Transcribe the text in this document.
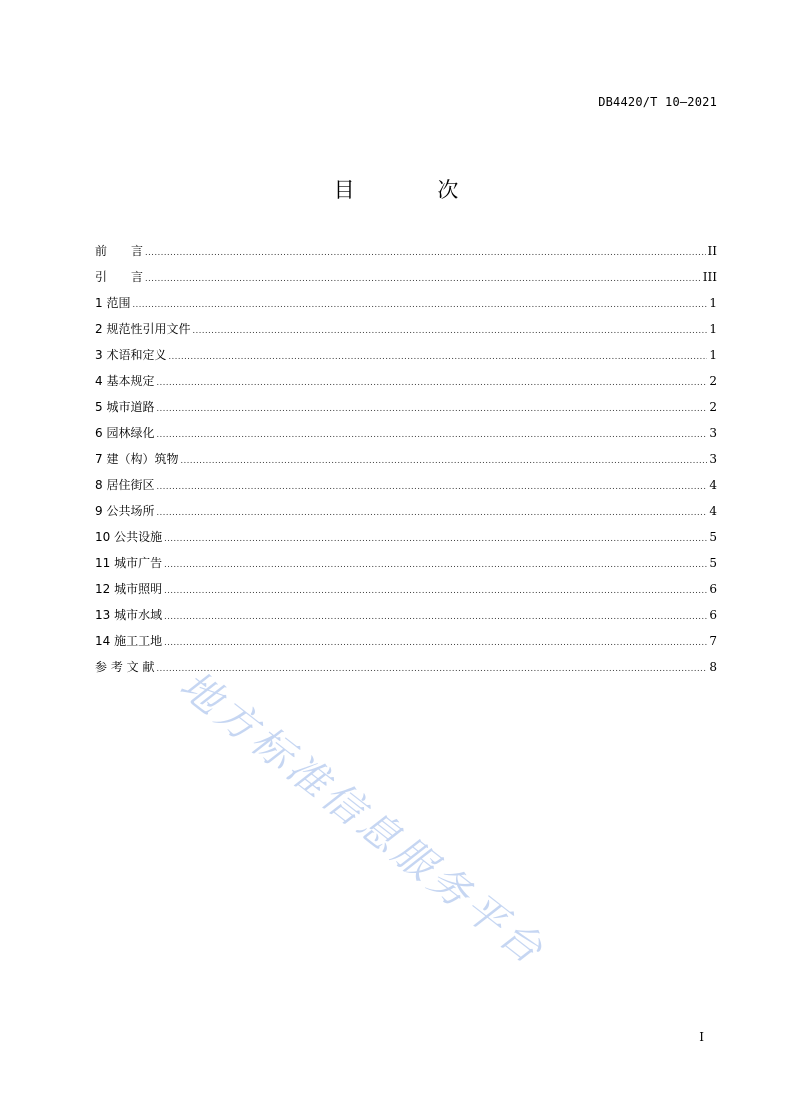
DB4420/T 10—2021
目 次
前　　言 .....	II
引　　言 .....	III
1 范围 .....	1
2 规范性引用文件 .....	1
3 术语和定义 .....	1
4 基本规定 .....	2
5 城市道路 .....	2
6 园林绿化 .....	3
7 建（构）筑物 .....	3
8 居住街区 .....	4
9 公共场所 .....	4
10 公共设施 .....	5
11 城市广告 .....	5
12 城市照明 .....	6
13 城市水域 .....	6
14 施工工地 .....	7
参 考 文 献 .....	8
地方标准信息服务平台
I
